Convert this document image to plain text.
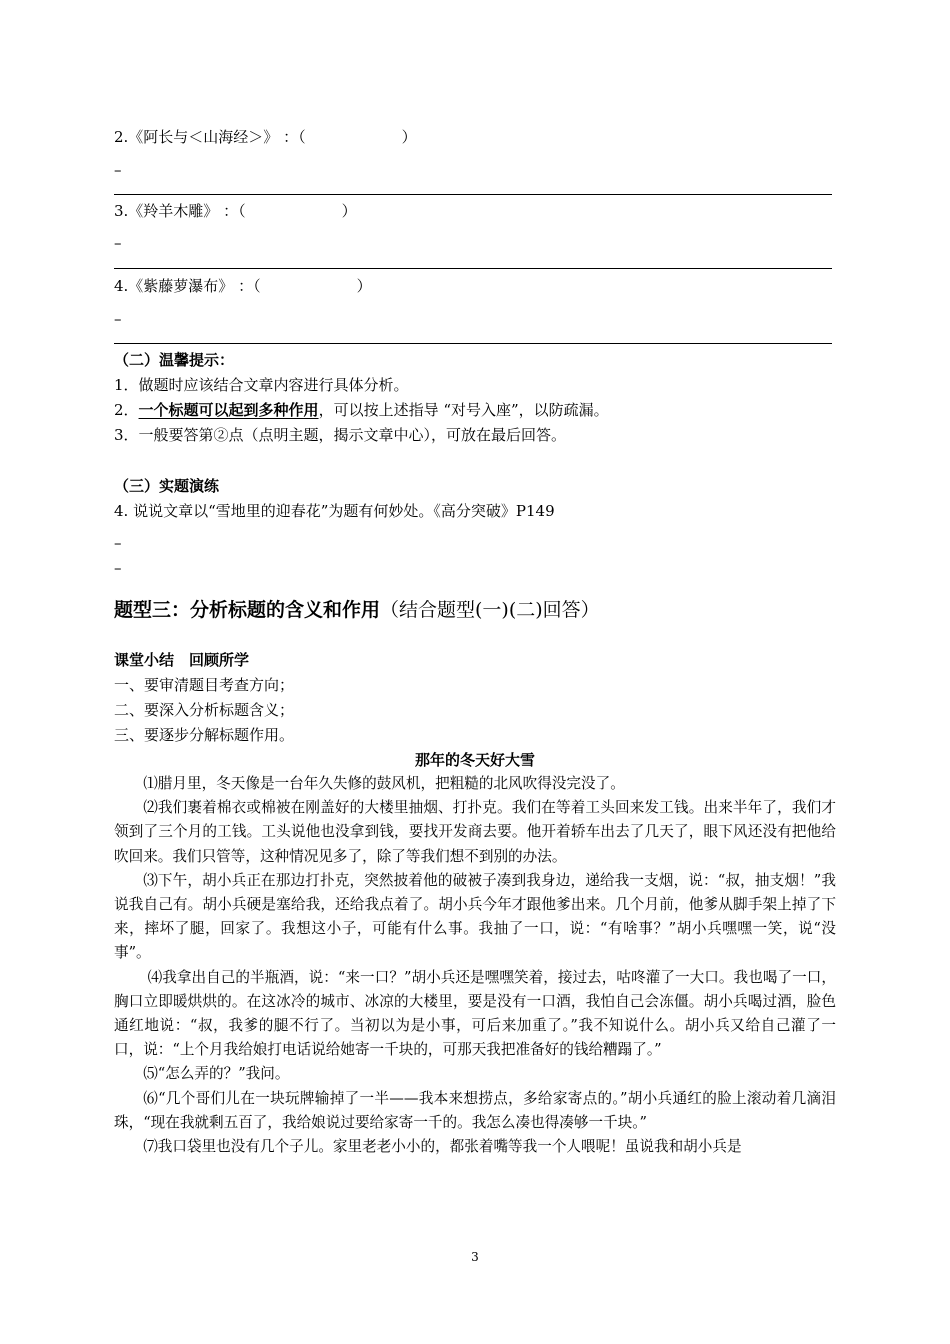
2.《阿长与＜山海经＞》 ：（	）
–
3.《羚羊木雕》 ：（	）
–
4.《紫藤萝瀑布》 ：（	）
–
（二）温馨提示：
1．做题时应该结合文章内容进行具体分析。
2．一个标题可以起到多种作用，可以按上述指导 “对号入座”，以防疏漏。
3．一般要答第②点（点明主题，揭示文章中心），可放在最后回答。
（三）实题演练
4. 说说文章以“雪地里的迎春花”为题有何妙处。《高分突破》P149
–
–
题型三：分析标题的含义和作用（结合题型(一)(二)回答）
课堂小结　回顾所学
一、要审清题目考查方向；
二、要深入分析标题含义；
三、要逐步分解标题作用。
那年的冬天好大雪

⑴腊月里，冬天像是一台年久失修的鼓风机，把粗糙的北风吹得没完没了。

⑵我们裹着棉衣或棉被在刚盖好的大楼里抽烟、打扑克。我们在等着工头回来发工钱。出来半年了，我们才领到了三个月的工钱。工头说他也没拿到钱，要找开发商去要。他开着轿车出去了几天了，眼下风还没有把他给吹回来。我们只管等，这种情况见多了，除了等我们想不到别的办法。

⑶下午，胡小兵正在那边打扑克，突然披着他的破被子凑到我身边，递给我一支烟，说：“叔，抽支烟！”我说我自己有。胡小兵硬是塞给我，还给我点着了。胡小兵今年才跟他爹出来。几个月前，他爹从脚手架上掉了下来，摔坏了腿，回家了。我想这小子，可能有什么事。我抽了一口，说：“有啥事？”胡小兵嘿嘿一笑，说“没事”。

⑷我拿出自己的半瓶酒，说：“来一口？”胡小兵还是嘿嘿笑着，接过去，咕咚灌了一大口。我也喝了一口，胸口立即暖烘烘的。在这冰冷的城市、冰凉的大楼里，要是没有一口酒，我怕自己会冻僵。胡小兵喝过酒，脸色通红地说：“叔，我爹的腿不行了。当初以为是小事，可后来加重了。”我不知说什么。胡小兵又给自己灌了一口，说：“上个月我给娘打电话说给她寄一千块的，可那天我把准备好的钱给糟蹋了。”

⑸“怎么弄的？”我问。

⑹“几个哥们儿在一块玩牌输掉了一半——我本来想捞点，多给家寄点的。”胡小兵通红的脸上滚动着几滴泪珠，“现在我就剩五百了，我给娘说过要给家寄一千的。我怎么凑也得凑够一千块。”

⑺我口袋里也没有几个子儿。家里老老小小的，都张着嘴等我一个人喂呢！虽说我和胡小兵是

3
